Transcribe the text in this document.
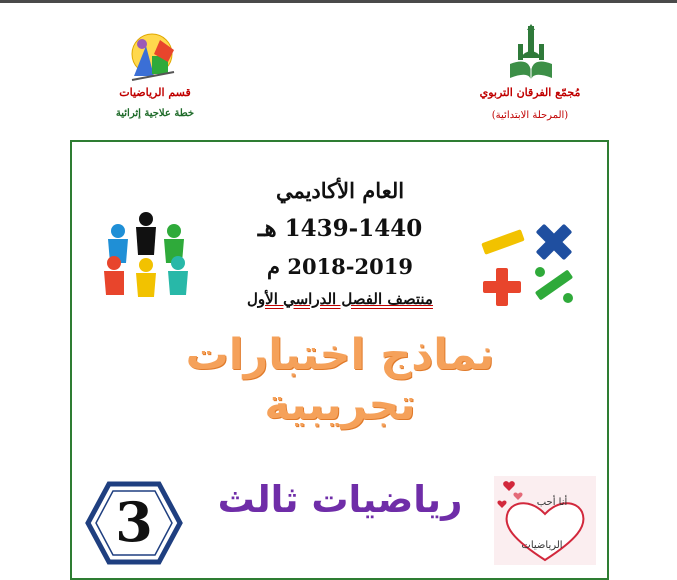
قسم الرياضيات
خطة علاجية إثرائية
مُجمّع الفرقان التربوي
(المرحلة الابتدائية)
العام الأكاديمي
1439-1440 هـ
2018-2019 م
منتصف الفصل الدراسي الأول
نماذج اختبارات تجريبية
3	رياضيات ثالث	أنا أحب
الرياضيات
